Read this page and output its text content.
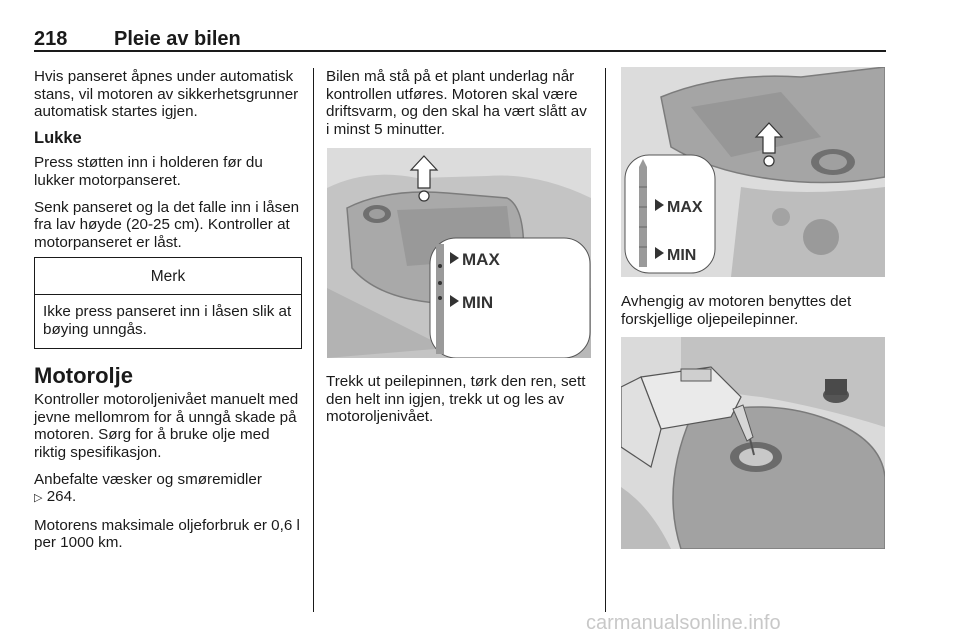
218 Pleie av bilen

Hvis panseret åpnes under automatisk stans, vil motoren av sikkerhetsgrunner automatisk startes igjen.

Lukke

Press støtten inn i holderen før du lukker motorpanseret.

Senk panseret og la det falle inn i låsen fra lav høyde (20-25 cm). Kontroller at motorpanseret er låst.

Merk
Ikke press panseret inn i låsen slik at bøying unngås.
Motorolje

Kontroller motoroljenivået manuelt med jevne mellomrom for å unngå skade på motoren. Sørg for å bruke olje med riktig spesifikasjon.

Anbefalte væsker og smøremidler
▷ 264.

Motorens maksimale oljeforbruk er 0,6 l per 1000 km.

Bilen må stå på et plant underlag når kontrollen utføres. Motoren skal være driftsvarm, og den skal ha vært slått av i minst 5 minutter.

MAX
MIN

Trekk ut peilepinnen, tørk den ren, sett den helt inn igjen, trekk ut og les av motoroljenivået.

MAX
MIN

Avhengig av motoren benyttes det forskjellige oljepeilepinner.

carmanualsonline.info
